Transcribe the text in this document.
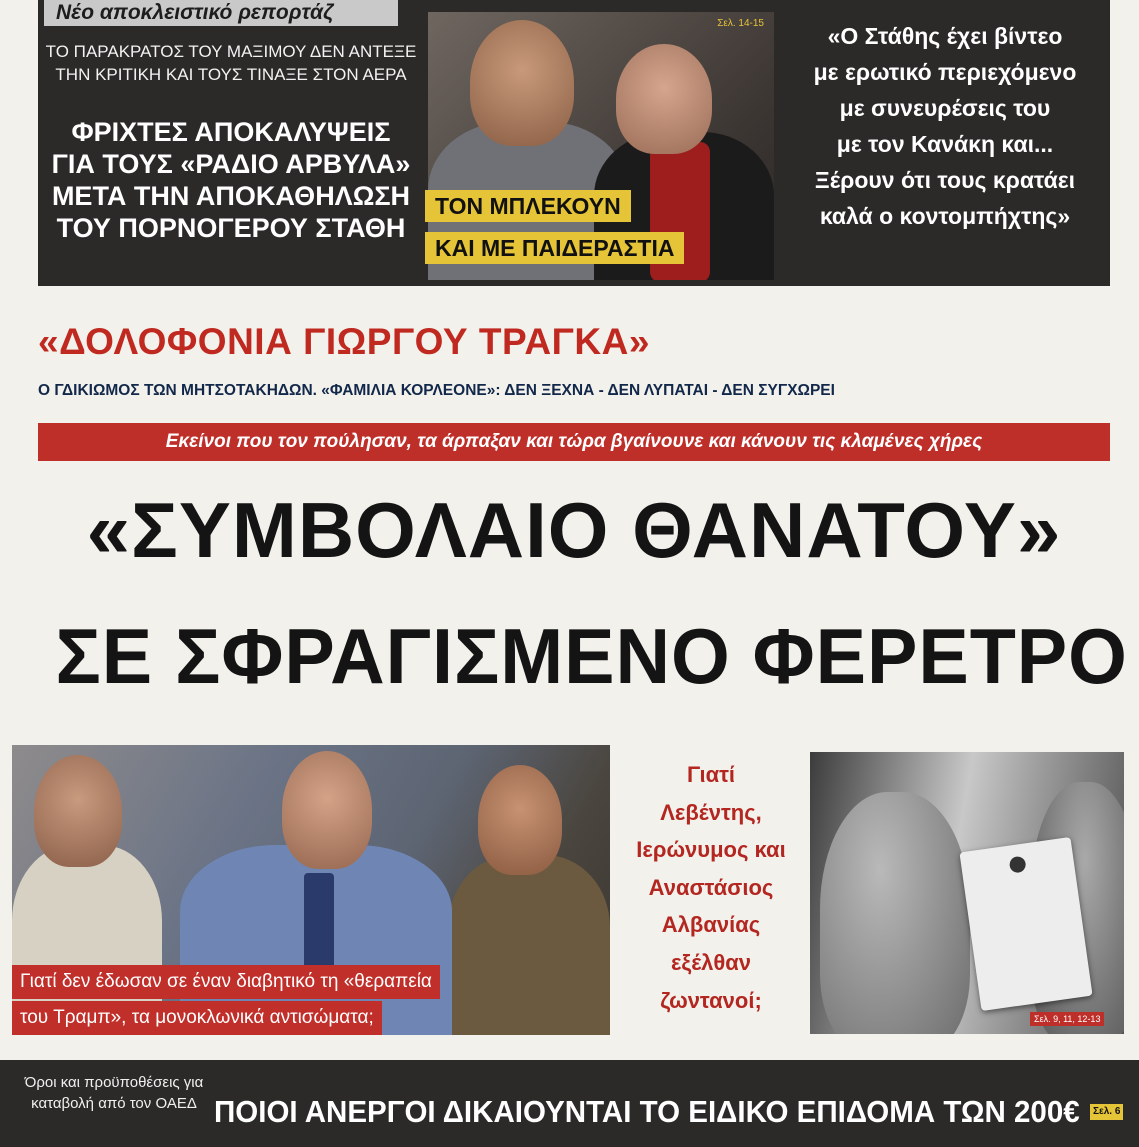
Νέο αποκλειστικό ρεπορτάζ
ΤΟ ΠΑΡΑΚΡΑΤΟΣ ΤΟΥ ΜΑΞΙΜΟΥ ΔΕΝ ΑΝΤΕΞΕ
ΤΗΝ ΚΡΙΤΙΚΗ ΚΑΙ ΤΟΥΣ ΤΙΝΑΞΕ ΣΤΟΝ ΑΕΡΑ
ΦΡΙΧΤΕΣ ΑΠΟΚΑΛΥΨΕΙΣ
ΓΙΑ ΤΟΥΣ «ΡΑΔΙΟ ΑΡΒΥΛΑ»
ΜΕΤΑ ΤΗΝ ΑΠΟΚΑΘΗΛΩΣΗ
ΤΟΥ ΠΟΡΝΟΓΕΡΟΥ ΣΤΑΘΗ
Σελ. 14-15
ΤΟΝ ΜΠΛΕΚΟΥΝ
ΚΑΙ ΜΕ ΠΑΙΔΕΡΑΣΤΙΑ
«Ο Στάθης έχει βίντεο
με ερωτικό περιεχόμενο
με συνευρέσεις του
με τον Κανάκη και...
Ξέρουν ότι τους κρατάει
καλά ο κοντομπήχτης»
«ΔΟΛΟΦΟΝΙΑ ΓΙΩΡΓΟΥ ΤΡΑΓΚΑ»
Ο ΓΔΙΚΙΩΜΟΣ ΤΩΝ ΜΗΤΣΟΤΑΚΗΔΩΝ. «ΦΑΜΙΛΙΑ ΚΟΡΛΕΟΝΕ»: ΔΕΝ ΞΕΧΝΑ - ΔΕΝ ΛΥΠΑΤΑΙ - ΔΕΝ ΣΥΓΧΩΡΕΙ
Εκείνοι που τον πούλησαν, τα άρπαξαν και τώρα βγαίνουνε και κάνουν τις κλαμένες χήρες
«ΣΥΜΒΟΛΑΙΟ ΘΑΝΑΤΟΥ»
ΣΕ ΣΦΡΑΓΙΣΜΕΝΟ ΦΕΡΕΤΡΟ
Γιατί δεν έδωσαν σε έναν διαβητικό τη «θεραπεία
του Τραμπ», τα μονοκλωνικά αντισώματα;
Γιατί
Λεβέντης,
Ιερώνυμος και
Αναστάσιος
Αλβανίας
εξέλθαν
ζωντανοί;
Σελ. 9, 11, 12-13
Όροι και προϋποθέσεις για
καταβολή από τον ΟΑΕΔ ΠΟΙΟΙ ΑΝΕΡΓΟΙ ΔΙΚΑΙΟΥΝΤΑΙ ΤΟ ΕΙΔΙΚΟ ΕΠΙΔΟΜΑ ΤΩΝ 200€	Σελ. 6
